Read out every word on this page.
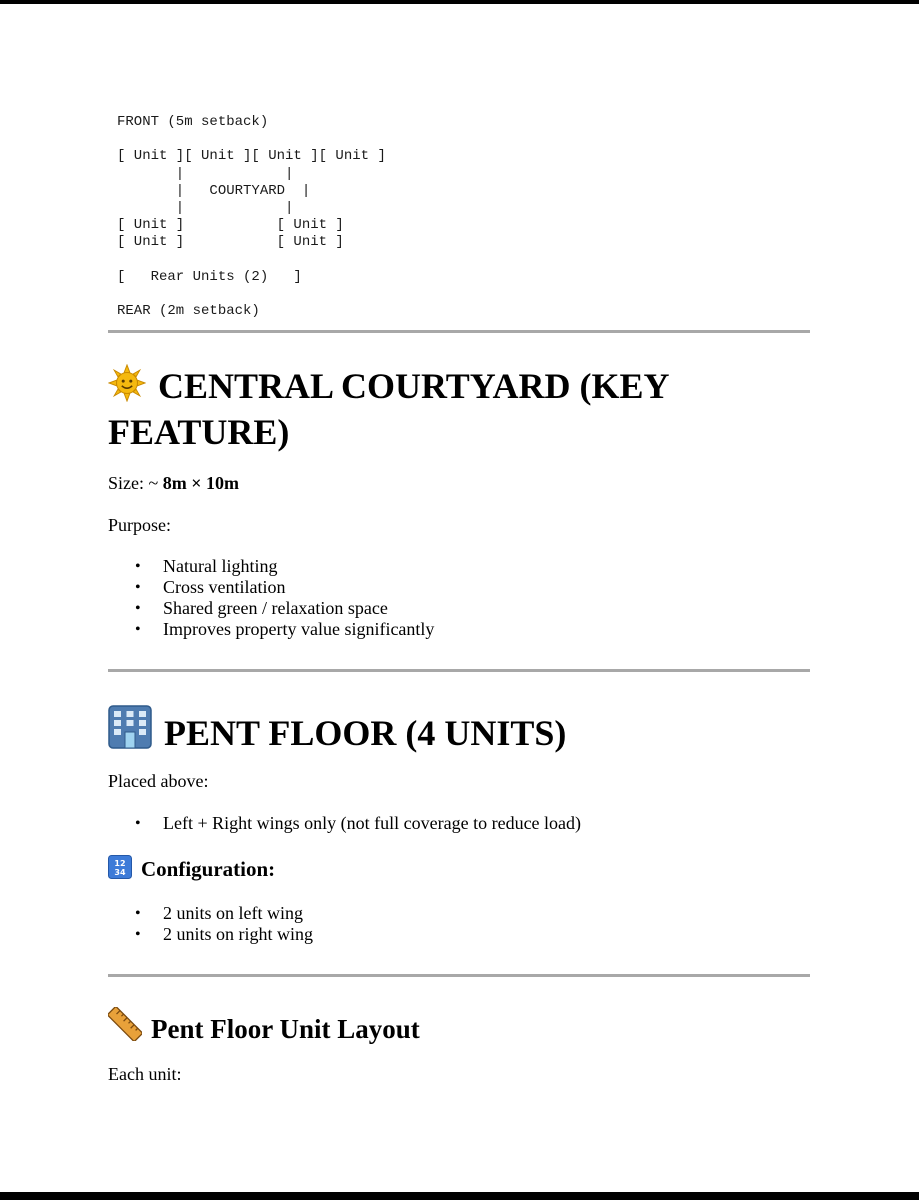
FRONT (5m setback)

[ Unit ][ Unit ][ Unit ][ Unit ]
|            |
|   COURTYARD  |
|            |
[ Unit ]           [ Unit ]
[ Unit ]           [ Unit ]

[   Rear Units (2)   ]

REAR (2m setback)
CENTRAL COURTYARD (KEY FEATURE)

Size: ~ 8m × 10m

Purpose:

• Natural lighting
• Cross ventilation
• Shared green / relaxation space
• Improves property value significantly
PENT FLOOR (4 UNITS)

Placed above:

• Left + Right wings only (not full coverage to reduce load)
12
34 Configuration:
• 2 units on left wing
• 2 units on right wing
Pent Floor Unit Layout

Each unit:
